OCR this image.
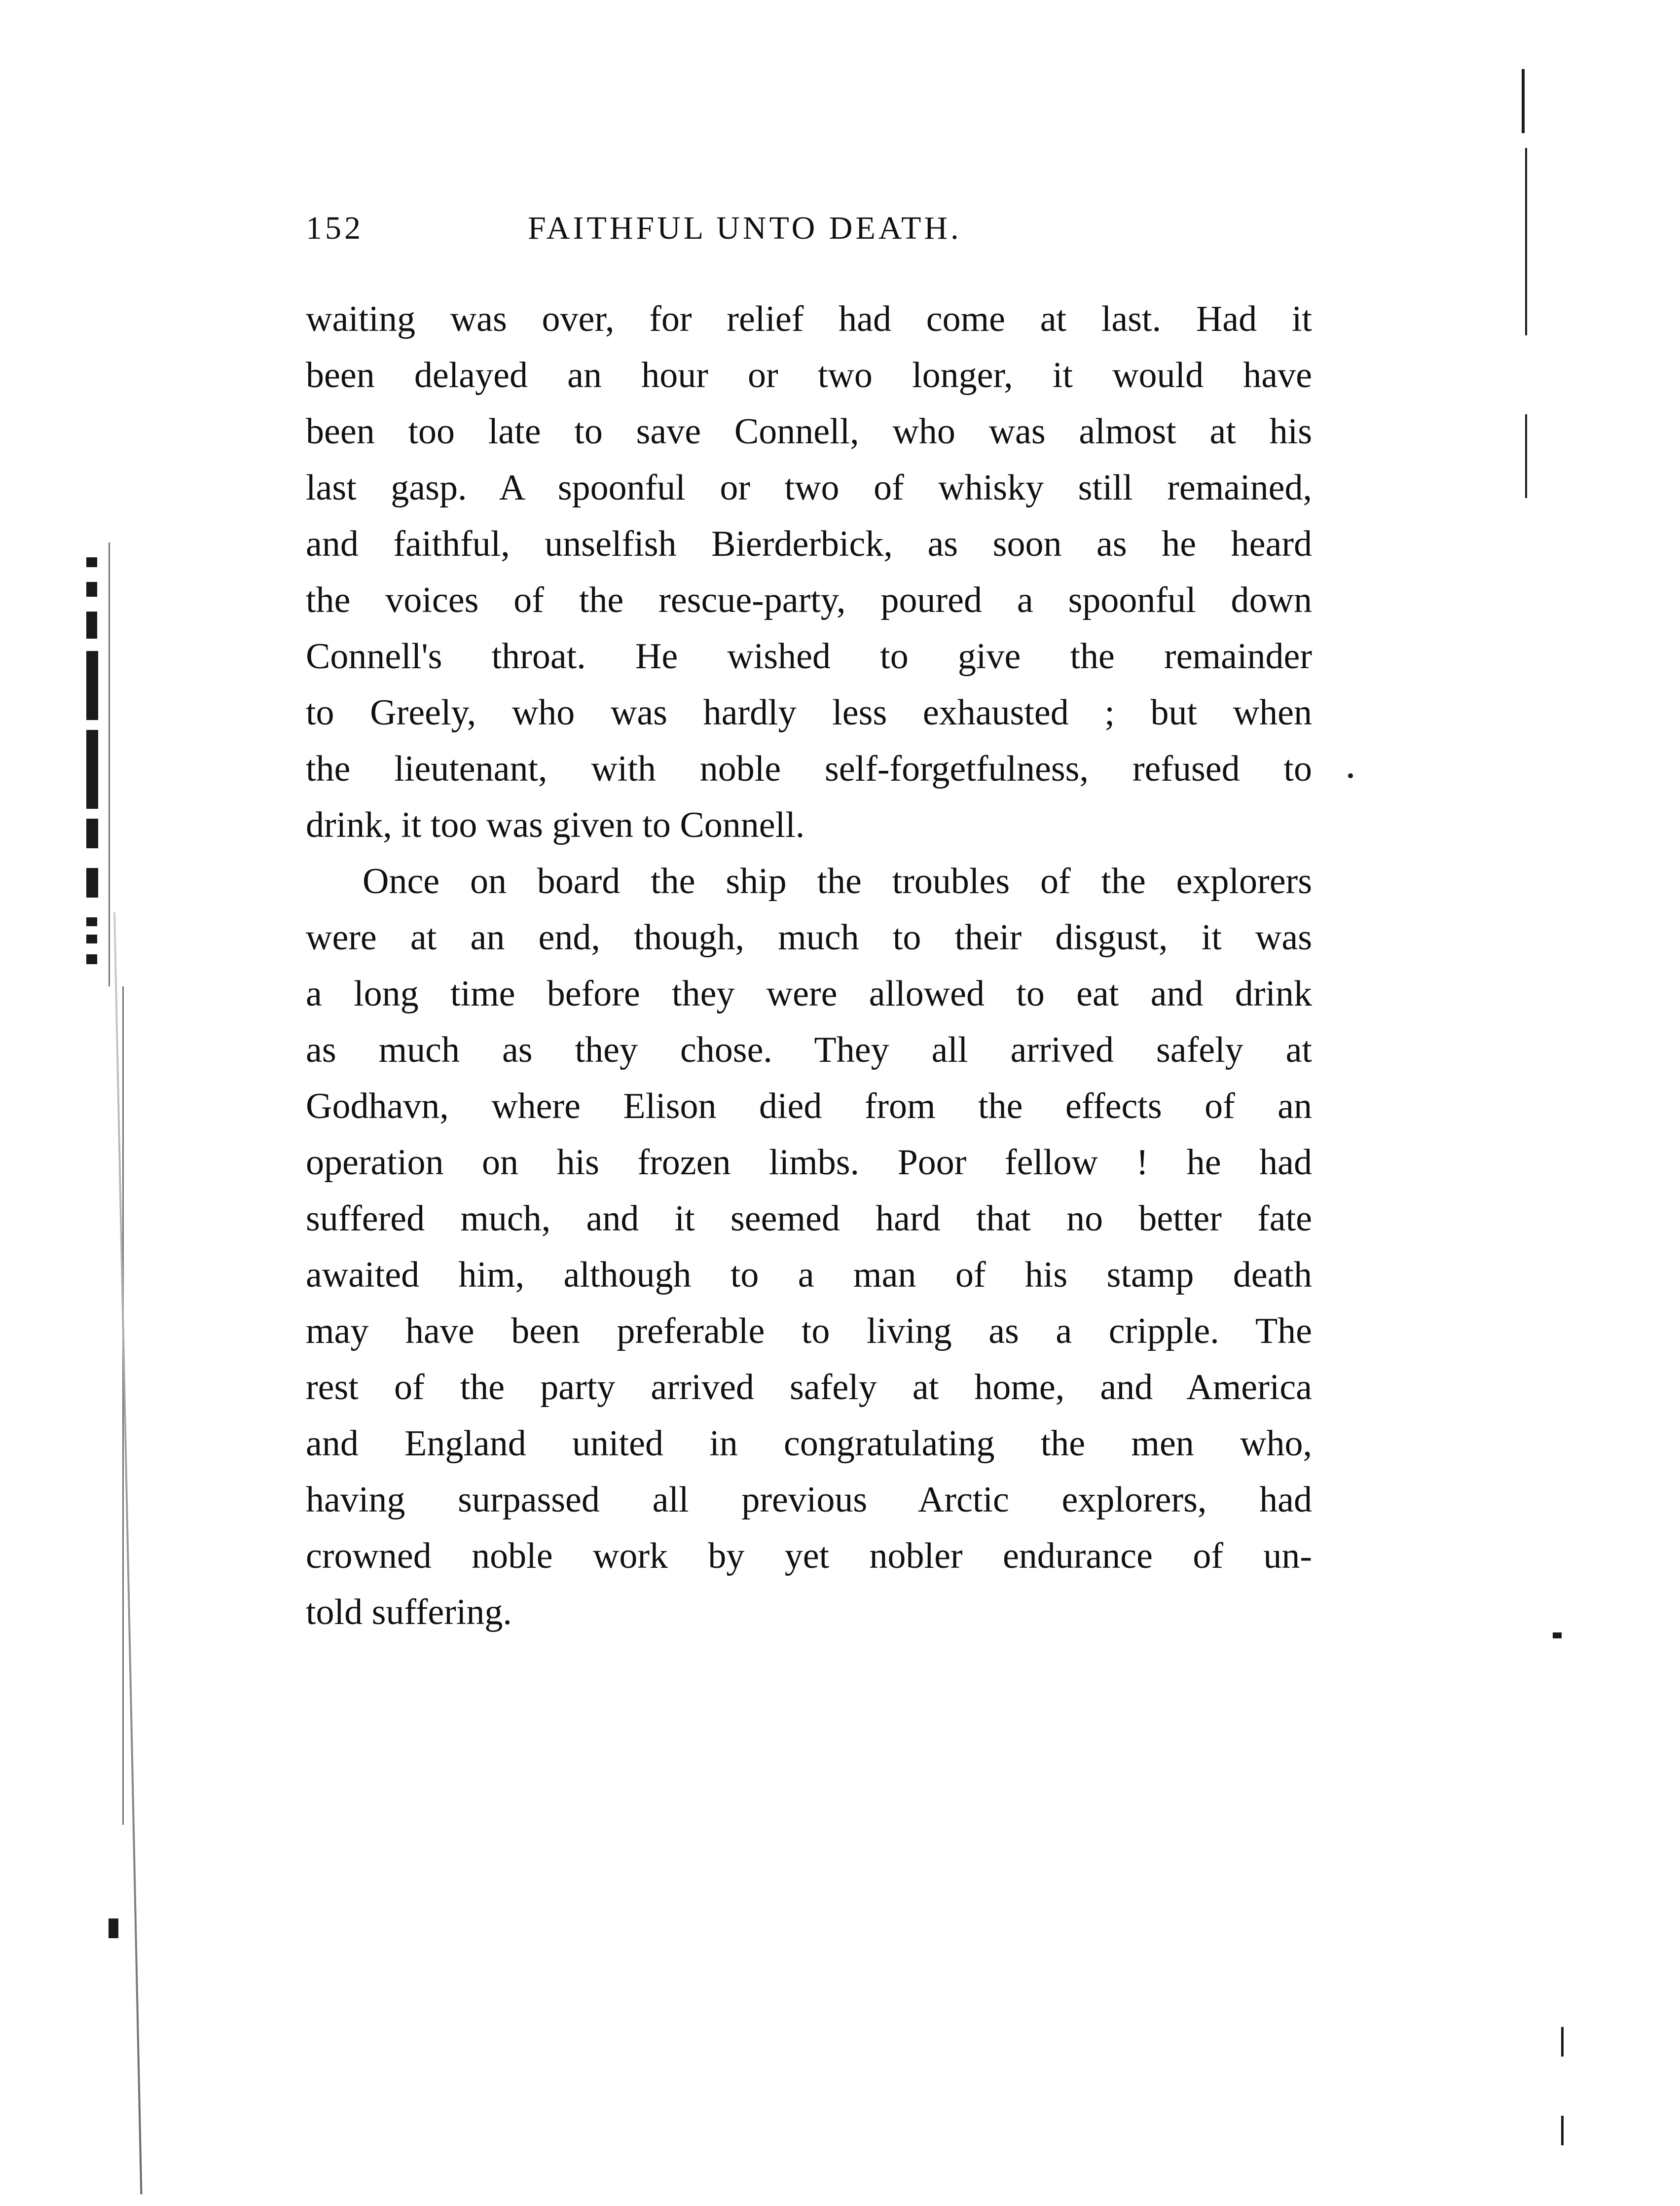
152	FAITHFUL UNTO DEATH.
waiting was over, for relief had come at last. Had it
been delayed an hour or two longer, it would have
been too late to save Connell, who was almost at his
last gasp. A spoonful or two of whisky still remained,
and faithful, unselfish Bierderbick, as soon as he heard
the voices of the rescue-party, poured a spoonful down
Connell's throat. He wished to give the remainder
to Greely, who was hardly less exhausted ; but when
the lieutenant, with noble self-forgetfulness, refused to
drink, it too was given to Connell.
Once on board the ship the troubles of the explorers
were at an end, though, much to their disgust, it was
a long time before they were allowed to eat and drink
as much as they chose. They all arrived safely at
Godhavn, where Elison died from the effects of an
operation on his frozen limbs. Poor fellow ! he had
suffered much, and it seemed hard that no better fate
awaited him, although to a man of his stamp death
may have been preferable to living as a cripple. The
rest of the party arrived safely at home, and America
and England united in congratulating the men who,
having surpassed all previous Arctic explorers, had
crowned noble work by yet nobler endurance of un-
told suffering.
